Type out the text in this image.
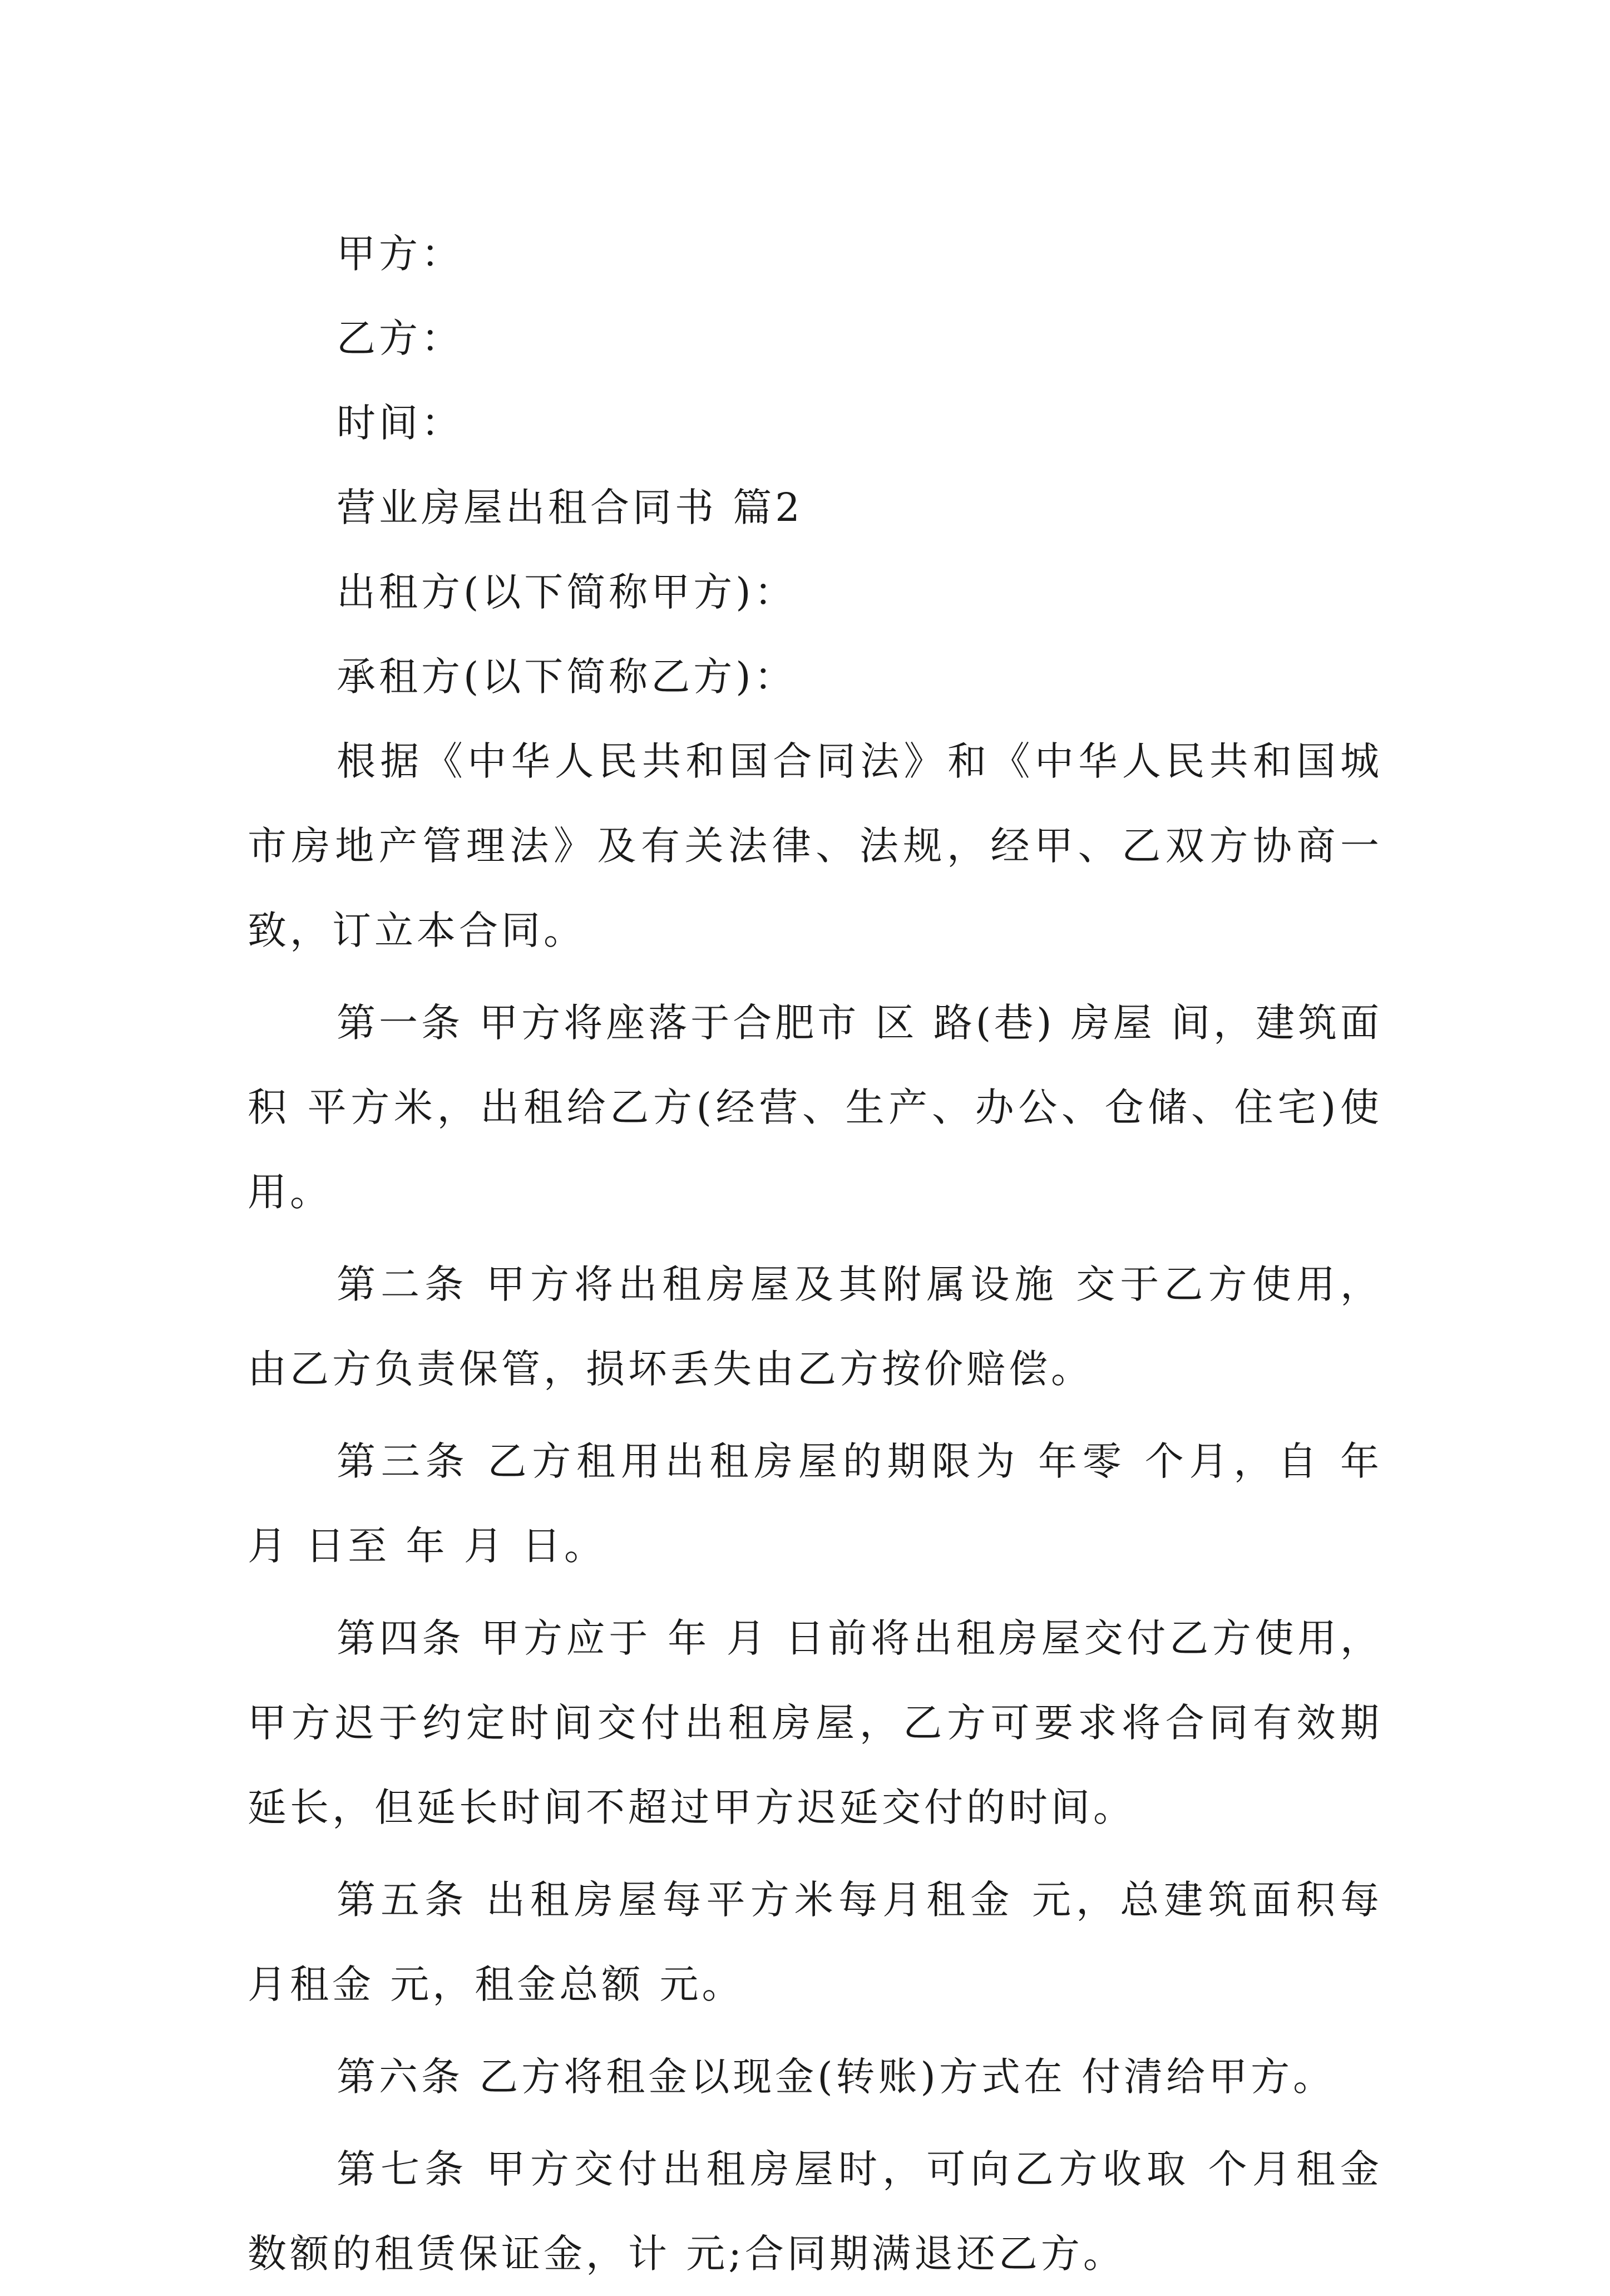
甲方：

乙方：

时间：

营业房屋出租合同书 篇2

出租方(以下简称甲方)：

承租方(以下简称乙方)：

根据《中华人民共和国合同法》和《中华人民共和国城市房地产管理法》及有关法律、法规，经甲、乙双方协商一致，订立本合同。

第一条 甲方将座落于合肥市 区 路(巷) 房屋 间，建筑面积 平方米，出租给乙方(经营、生产、办公、仓储、住宅)使用。

第二条 甲方将出租房屋及其附属设施 交于乙方使用，由乙方负责保管，损坏丢失由乙方按价赔偿。

第三条 乙方租用出租房屋的期限为 年零 个月，自 年 月 日至 年 月 日。

第四条 甲方应于 年 月 日前将出租房屋交付乙方使用，甲方迟于约定时间交付出租房屋，乙方可要求将合同有效期延长，但延长时间不超过甲方迟延交付的时间。

第五条 出租房屋每平方米每月租金 元，总建筑面积每月租金 元，租金总额 元。

第六条 乙方将租金以现金(转账)方式在 付清给甲方。

第七条 甲方交付出租房屋时，可向乙方收取 个月租金数额的租赁保证金，计 元;合同期满退还乙方。
